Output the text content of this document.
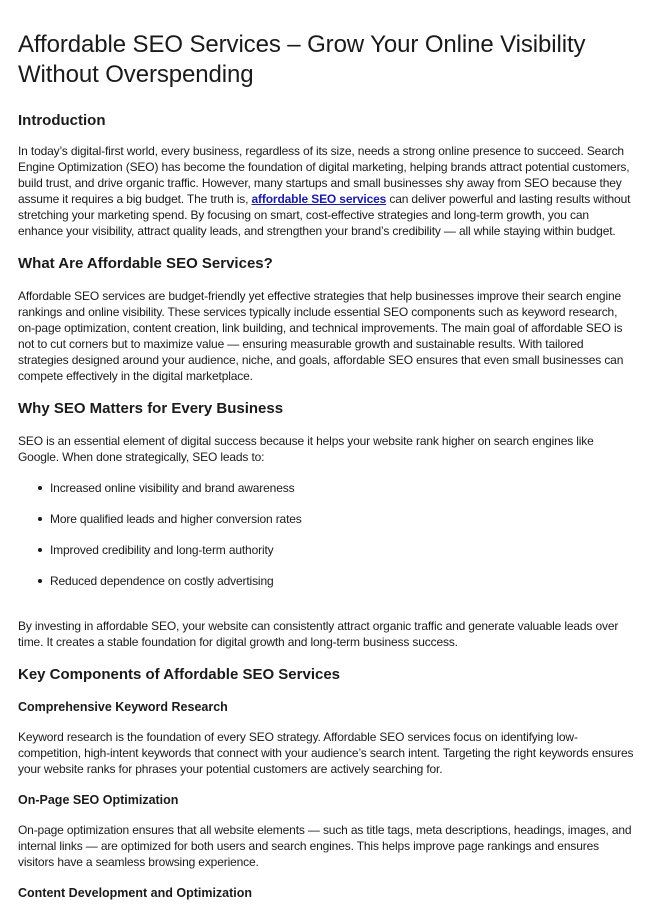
Affordable SEO Services – Grow Your Online Visibility Without Overspending
Introduction

In today’s digital-first world, every business, regardless of its size, needs a strong online presence to succeed. Search Engine Optimization (SEO) has become the foundation of digital marketing, helping brands attract potential customers, build trust, and drive organic traffic. However, many startups and small businesses shy away from SEO because they assume it requires a big budget. The truth is, affordable SEO services can deliver powerful and lasting results without stretching your marketing spend. By focusing on smart, cost-effective strategies and long-term growth, you can enhance your visibility, attract quality leads, and strengthen your brand’s credibility — all while staying within budget.

What Are Affordable SEO Services?

Affordable SEO services are budget-friendly yet effective strategies that help businesses improve their search engine rankings and online visibility. These services typically include essential SEO components such as keyword research, on-page optimization, content creation, link building, and technical improvements. The main goal of affordable SEO is not to cut corners but to maximize value — ensuring measurable growth and sustainable results. With tailored strategies designed around your audience, niche, and goals, affordable SEO ensures that even small businesses can compete effectively in the digital marketplace.

Why SEO Matters for Every Business

SEO is an essential element of digital success because it helps your website rank higher on search engines like Google. When done strategically, SEO leads to:

Increased online visibility and brand awareness
More qualified leads and higher conversion rates
Improved credibility and long-term authority
Reduced dependence on costly advertising

By investing in affordable SEO, your website can consistently attract organic traffic and generate valuable leads over time. It creates a stable foundation for digital growth and long-term business success.

Key Components of Affordable SEO Services
Comprehensive Keyword Research

Keyword research is the foundation of every SEO strategy. Affordable SEO services focus on identifying low-competition, high-intent keywords that connect with your audience’s search intent. Targeting the right keywords ensures your website ranks for phrases your potential customers are actively searching for.

On-Page SEO Optimization

On-page optimization ensures that all website elements — such as title tags, meta descriptions, headings, images, and internal links — are optimized for both users and search engines. This helps improve page rankings and ensures visitors have a seamless browsing experience.

Content Development and Optimization
